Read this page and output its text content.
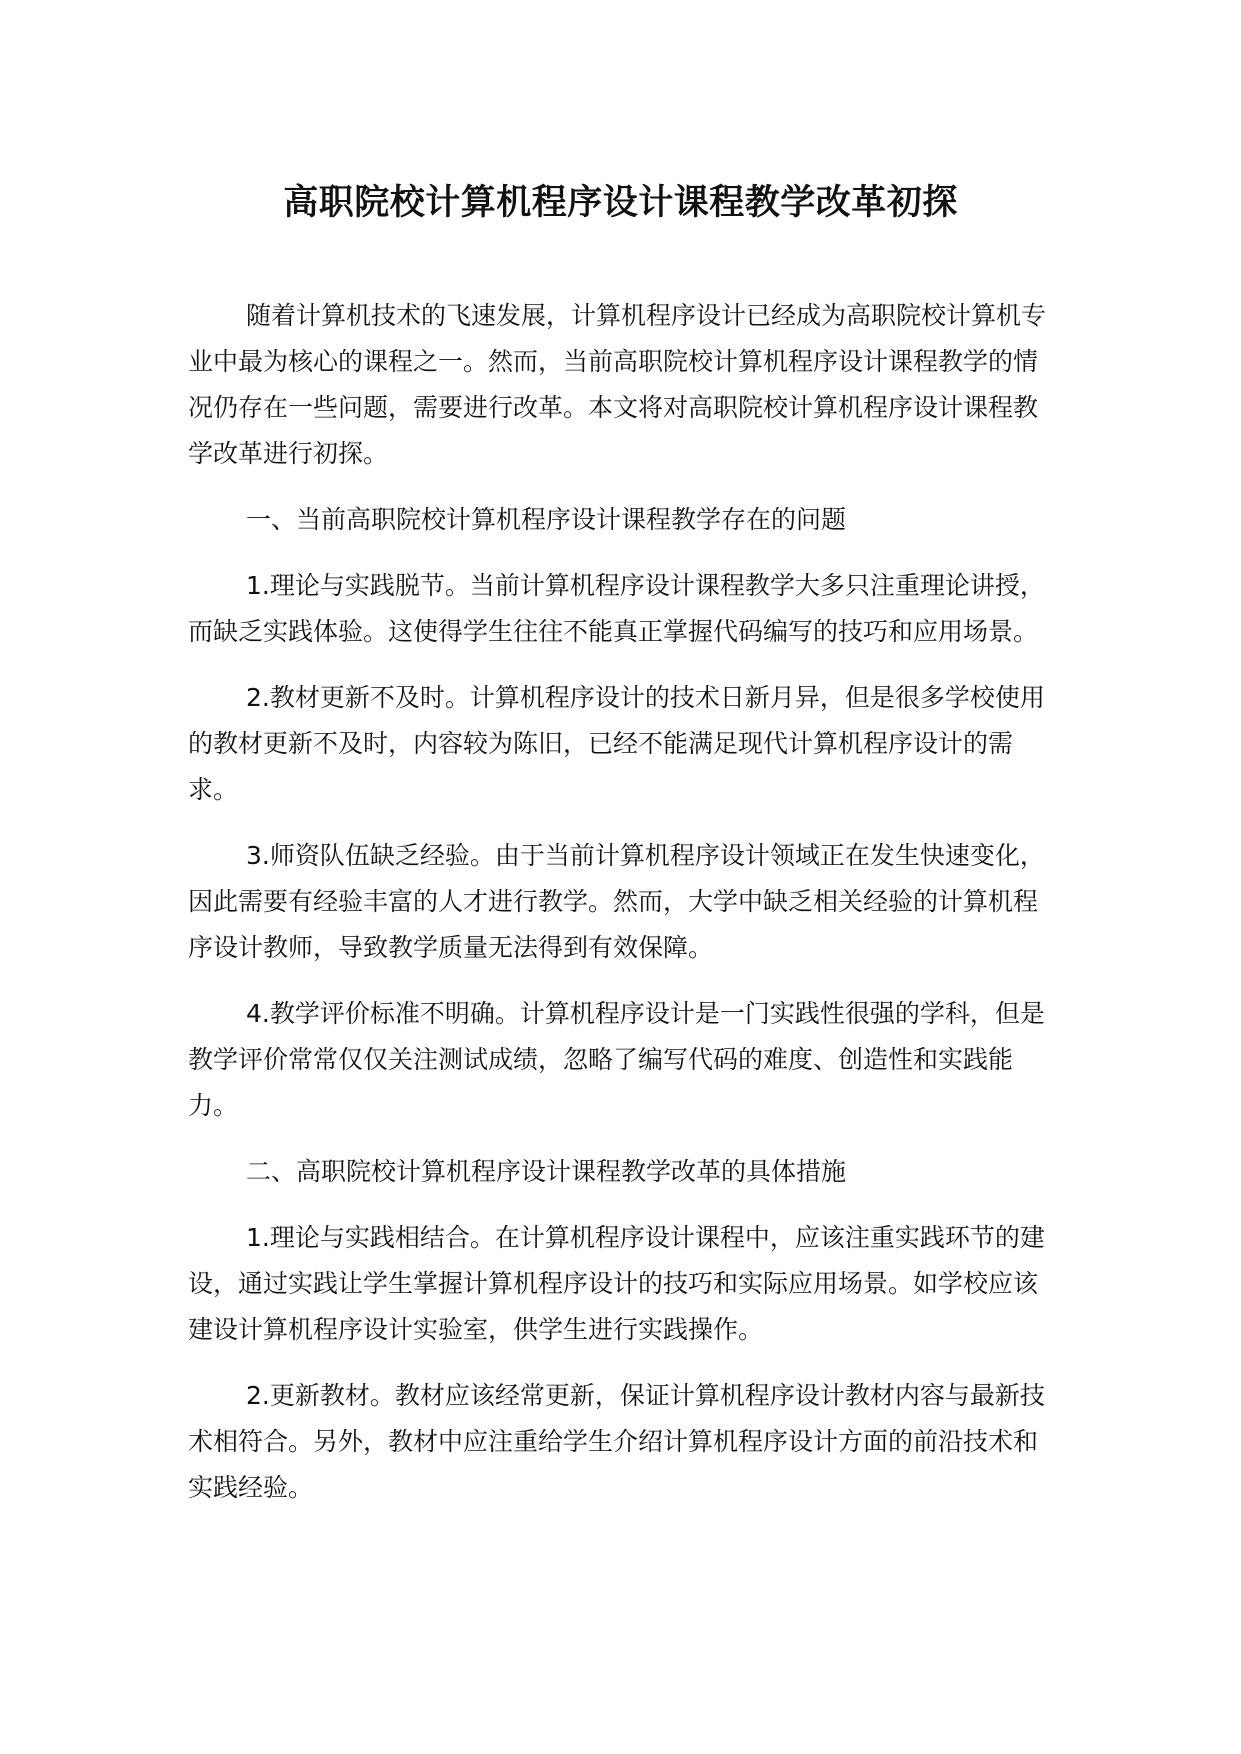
高职院校计算机程序设计课程教学改革初探

随着计算机技术的飞速发展，计算机程序设计已经成为高职院校计算机专业中最为核心的课程之一。然而，当前高职院校计算机程序设计课程教学的情况仍存在一些问题，需要进行改革。本文将对高职院校计算机程序设计课程教学改革进行初探。

一、当前高职院校计算机程序设计课程教学存在的问题

1.理论与实践脱节。当前计算机程序设计课程教学大多只注重理论讲授，而缺乏实践体验。这使得学生往往不能真正掌握代码编写的技巧和应用场景。

2.教材更新不及时。计算机程序设计的技术日新月异，但是很多学校使用的教材更新不及时，内容较为陈旧，已经不能满足现代计算机程序设计的需求。

3.师资队伍缺乏经验。由于当前计算机程序设计领域正在发生快速变化，因此需要有经验丰富的人才进行教学。然而，大学中缺乏相关经验的计算机程序设计教师，导致教学质量无法得到有效保障。

4.教学评价标准不明确。计算机程序设计是一门实践性很强的学科，但是教学评价常常仅仅关注测试成绩，忽略了编写代码的难度、创造性和实践能力。

二、高职院校计算机程序设计课程教学改革的具体措施

1.理论与实践相结合。在计算机程序设计课程中，应该注重实践环节的建设，通过实践让学生掌握计算机程序设计的技巧和实际应用场景。如学校应该建设计算机程序设计实验室，供学生进行实践操作。

2.更新教材。教材应该经常更新，保证计算机程序设计教材内容与最新技术相符合。另外，教材中应注重给学生介绍计算机程序设计方面的前沿技术和实践经验。
